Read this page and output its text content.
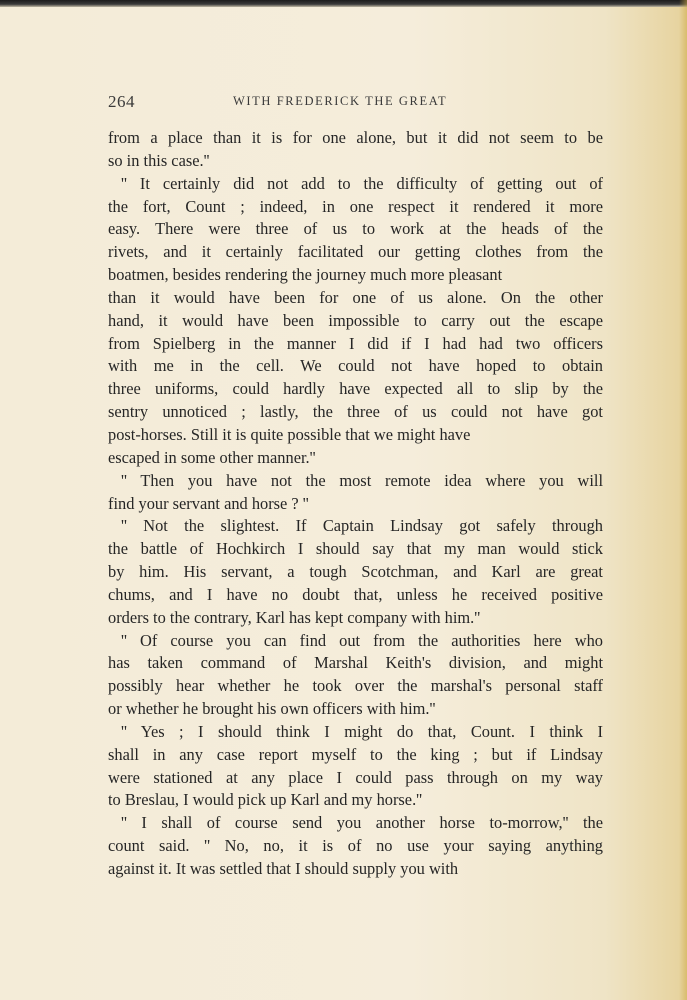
264	WITH FREDERICK THE GREAT
from a place than it is for one alone, but it did not seem to be
so in this case.''
'' It certainly did not add to the difficulty of getting out of
the fort, Count ; indeed, in one respect it rendered it more
easy. There were three of us to work at the heads of the
rivets, and it certainly facilitated our getting clothes from the
boatmen, besides rendering the journey much more pleasant
than it would have been for one of us alone. On the other
hand, it would have been impossible to carry out the escape
from Spielberg in the manner I did if I had had two officers
with me in the cell. We could not have hoped to obtain
three uniforms, could hardly have expected all to slip by the
sentry unnoticed ; lastly, the three of us could not have got
post-horses. Still it is quite possible that we might have
escaped in some other manner.''
'' Then you have not the most remote idea where you will
find your servant and horse ? ''
'' Not the slightest. If Captain Lindsay got safely through
the battle of Hochkirch I should say that my man would stick
by him. His servant, a tough Scotchman, and Karl are great
chums, and I have no doubt that, unless he received positive
orders to the contrary, Karl has kept company with him.''
'' Of course you can find out from the authorities here who
has taken command of Marshal Keith's division, and might
possibly hear whether he took over the marshal's personal staff
or whether he brought his own officers with him.''
'' Yes ; I should think I might do that, Count. I think I
shall in any case report myself to the king ; but if Lindsay
were stationed at any place I could pass through on my way
to Breslau, I would pick up Karl and my horse.''
'' I shall of course send you another horse to-morrow,'' the
count said. '' No, no, it is of no use your saying anything
against it. It was settled that I should supply you with
